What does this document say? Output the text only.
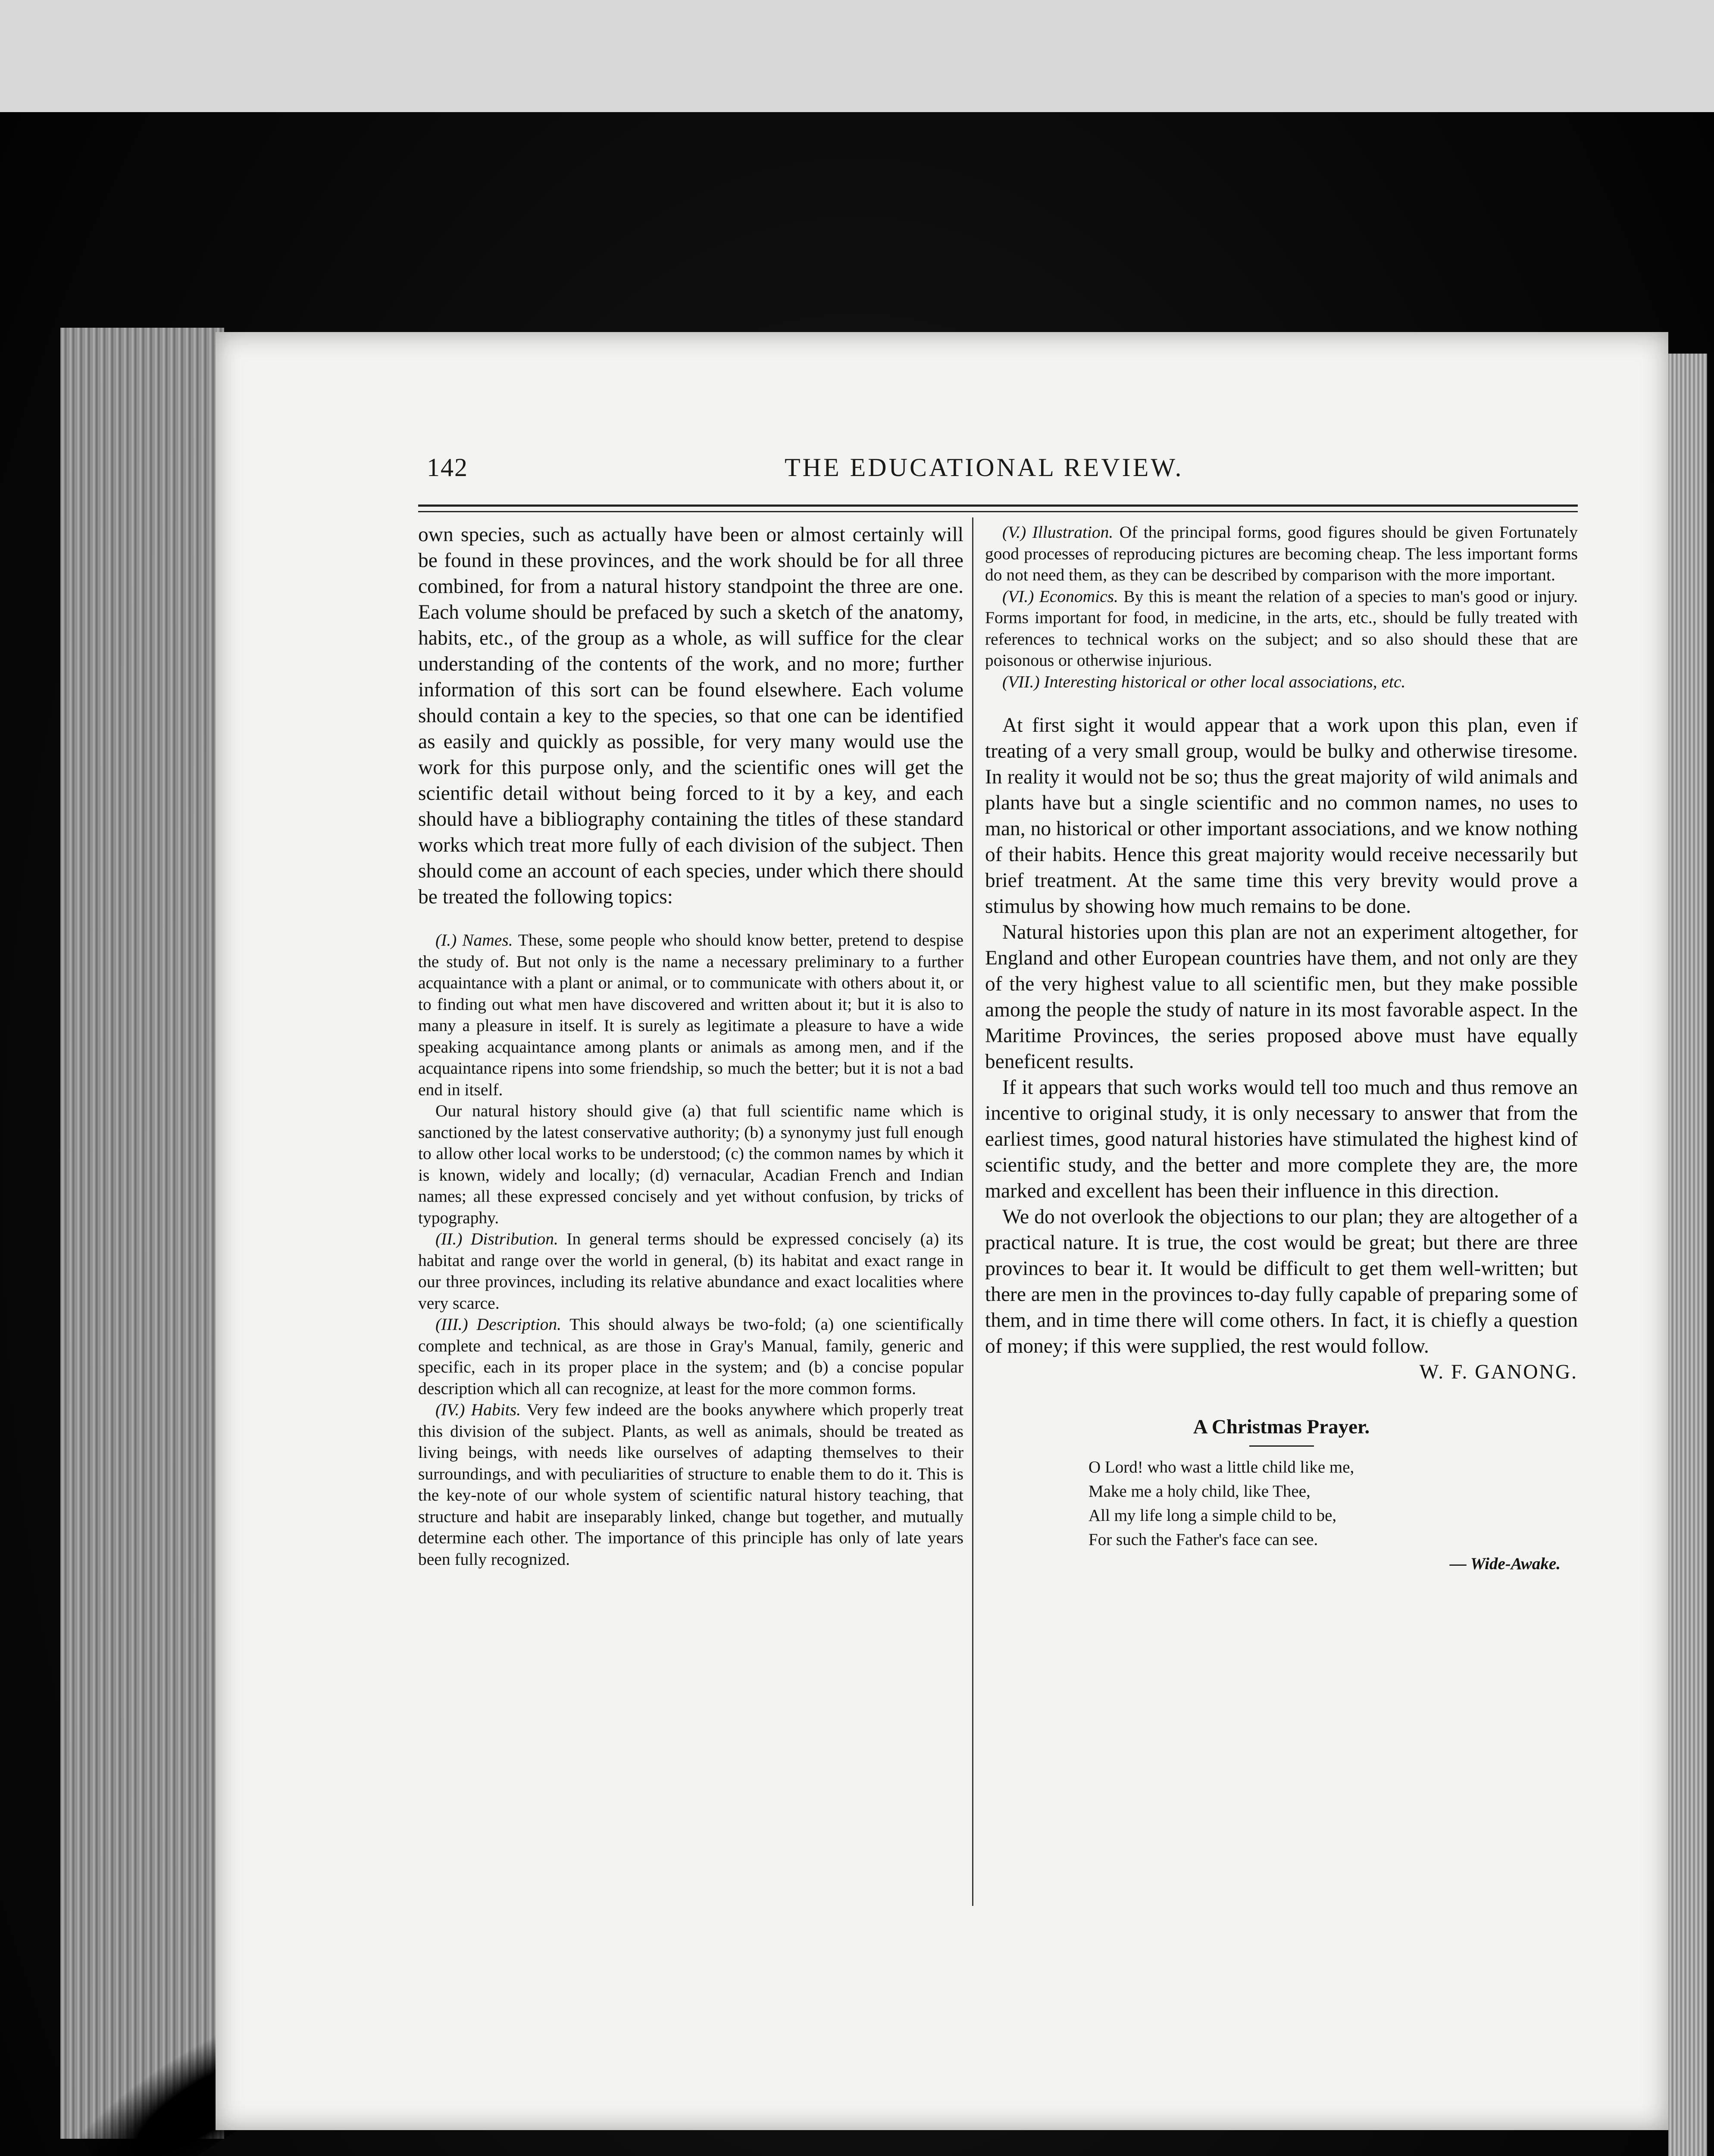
142	THE EDUCATIONAL REVIEW.

own species, such as actually have been or almost certainly will be found in these provinces, and the work should be for all three combined, for from a natural history standpoint the three are one. Each volume should be prefaced by such a sketch of the anatomy, habits, etc., of the group as a whole, as will suffice for the clear understanding of the contents of the work, and no more; further information of this sort can be found elsewhere. Each volume should contain a key to the species, so that one can be identified as easily and quickly as possible, for very many would use the work for this purpose only, and the scientific ones will get the scientific detail without being forced to it by a key, and each should have a bibliography containing the titles of these standard works which treat more fully of each division of the subject. Then should come an account of each species, under which there should be treated the following topics:

(I.) Names. These, some people who should know better, pretend to despise the study of. But not only is the name a necessary preliminary to a further acquaintance with a plant or animal, or to communicate with others about it, or to finding out what men have discovered and written about it; but it is also to many a pleasure in itself. It is surely as legitimate a pleasure to have a wide speaking acquaintance among plants or animals as among men, and if the acquaintance ripens into some friendship, so much the better; but it is not a bad end in itself.

Our natural history should give (a) that full scientific name which is sanctioned by the latest conservative authority; (b) a synonymy just full enough to allow other local works to be understood; (c) the common names by which it is known, widely and locally; (d) vernacular, Acadian French and Indian names; all these expressed concisely and yet without confusion, by tricks of typography.

(II.) Distribution. In general terms should be expressed concisely (a) its habitat and range over the world in general, (b) its habitat and exact range in our three provinces, including its relative abundance and exact localities where very scarce.

(III.) Description. This should always be two-fold; (a) one scientifically complete and technical, as are those in Gray's Manual, family, generic and specific, each in its proper place in the system; and (b) a concise popular description which all can recognize, at least for the more common forms.

(IV.) Habits. Very few indeed are the books anywhere which properly treat this division of the subject. Plants, as well as animals, should be treated as living beings, with needs like ourselves of adapting themselves to their surroundings, and with peculiarities of structure to enable them to do it. This is the key-note of our whole system of scientific natural history teaching, that structure and habit are inseparably linked, change but together, and mutually determine each other. The importance of this principle has only of late years been fully recognized.

(V.) Illustration. Of the principal forms, good figures should be given Fortunately good processes of reproducing pictures are becoming cheap. The less important forms do not need them, as they can be described by comparison with the more important.

(VI.) Economics. By this is meant the relation of a species to man's good or injury. Forms important for food, in medicine, in the arts, etc., should be fully treated with references to technical works on the subject; and so also should these that are poisonous or otherwise injurious.

(VII.) Interesting historical or other local associations, etc.

At first sight it would appear that a work upon this plan, even if treating of a very small group, would be bulky and otherwise tiresome. In reality it would not be so; thus the great majority of wild animals and plants have but a single scientific and no common names, no uses to man, no historical or other important associations, and we know nothing of their habits. Hence this great majority would receive necessarily but brief treatment. At the same time this very brevity would prove a stimulus by showing how much remains to be done.

Natural histories upon this plan are not an experiment altogether, for England and other European countries have them, and not only are they of the very highest value to all scientific men, but they make possible among the people the study of nature in its most favorable aspect. In the Maritime Provinces, the series proposed above must have equally beneficent results.

If it appears that such works would tell too much and thus remove an incentive to original study, it is only necessary to answer that from the earliest times, good natural histories have stimulated the highest kind of scientific study, and the better and more complete they are, the more marked and excellent has been their influence in this direction.

We do not overlook the objections to our plan; they are altogether of a practical nature. It is true, the cost would be great; but there are three provinces to bear it. It would be difficult to get them well-written; but there are men in the provinces to-day fully capable of preparing some of them, and in time there will come others. In fact, it is chiefly a question of money; if this were supplied, the rest would follow.

W. F. GANONG.

A Christmas Prayer.
O Lord! who wast a little child like me,
Make me a holy child, like Thee,
All my life long a simple child to be,
For such the Father's face can see.
— Wide-Awake.
